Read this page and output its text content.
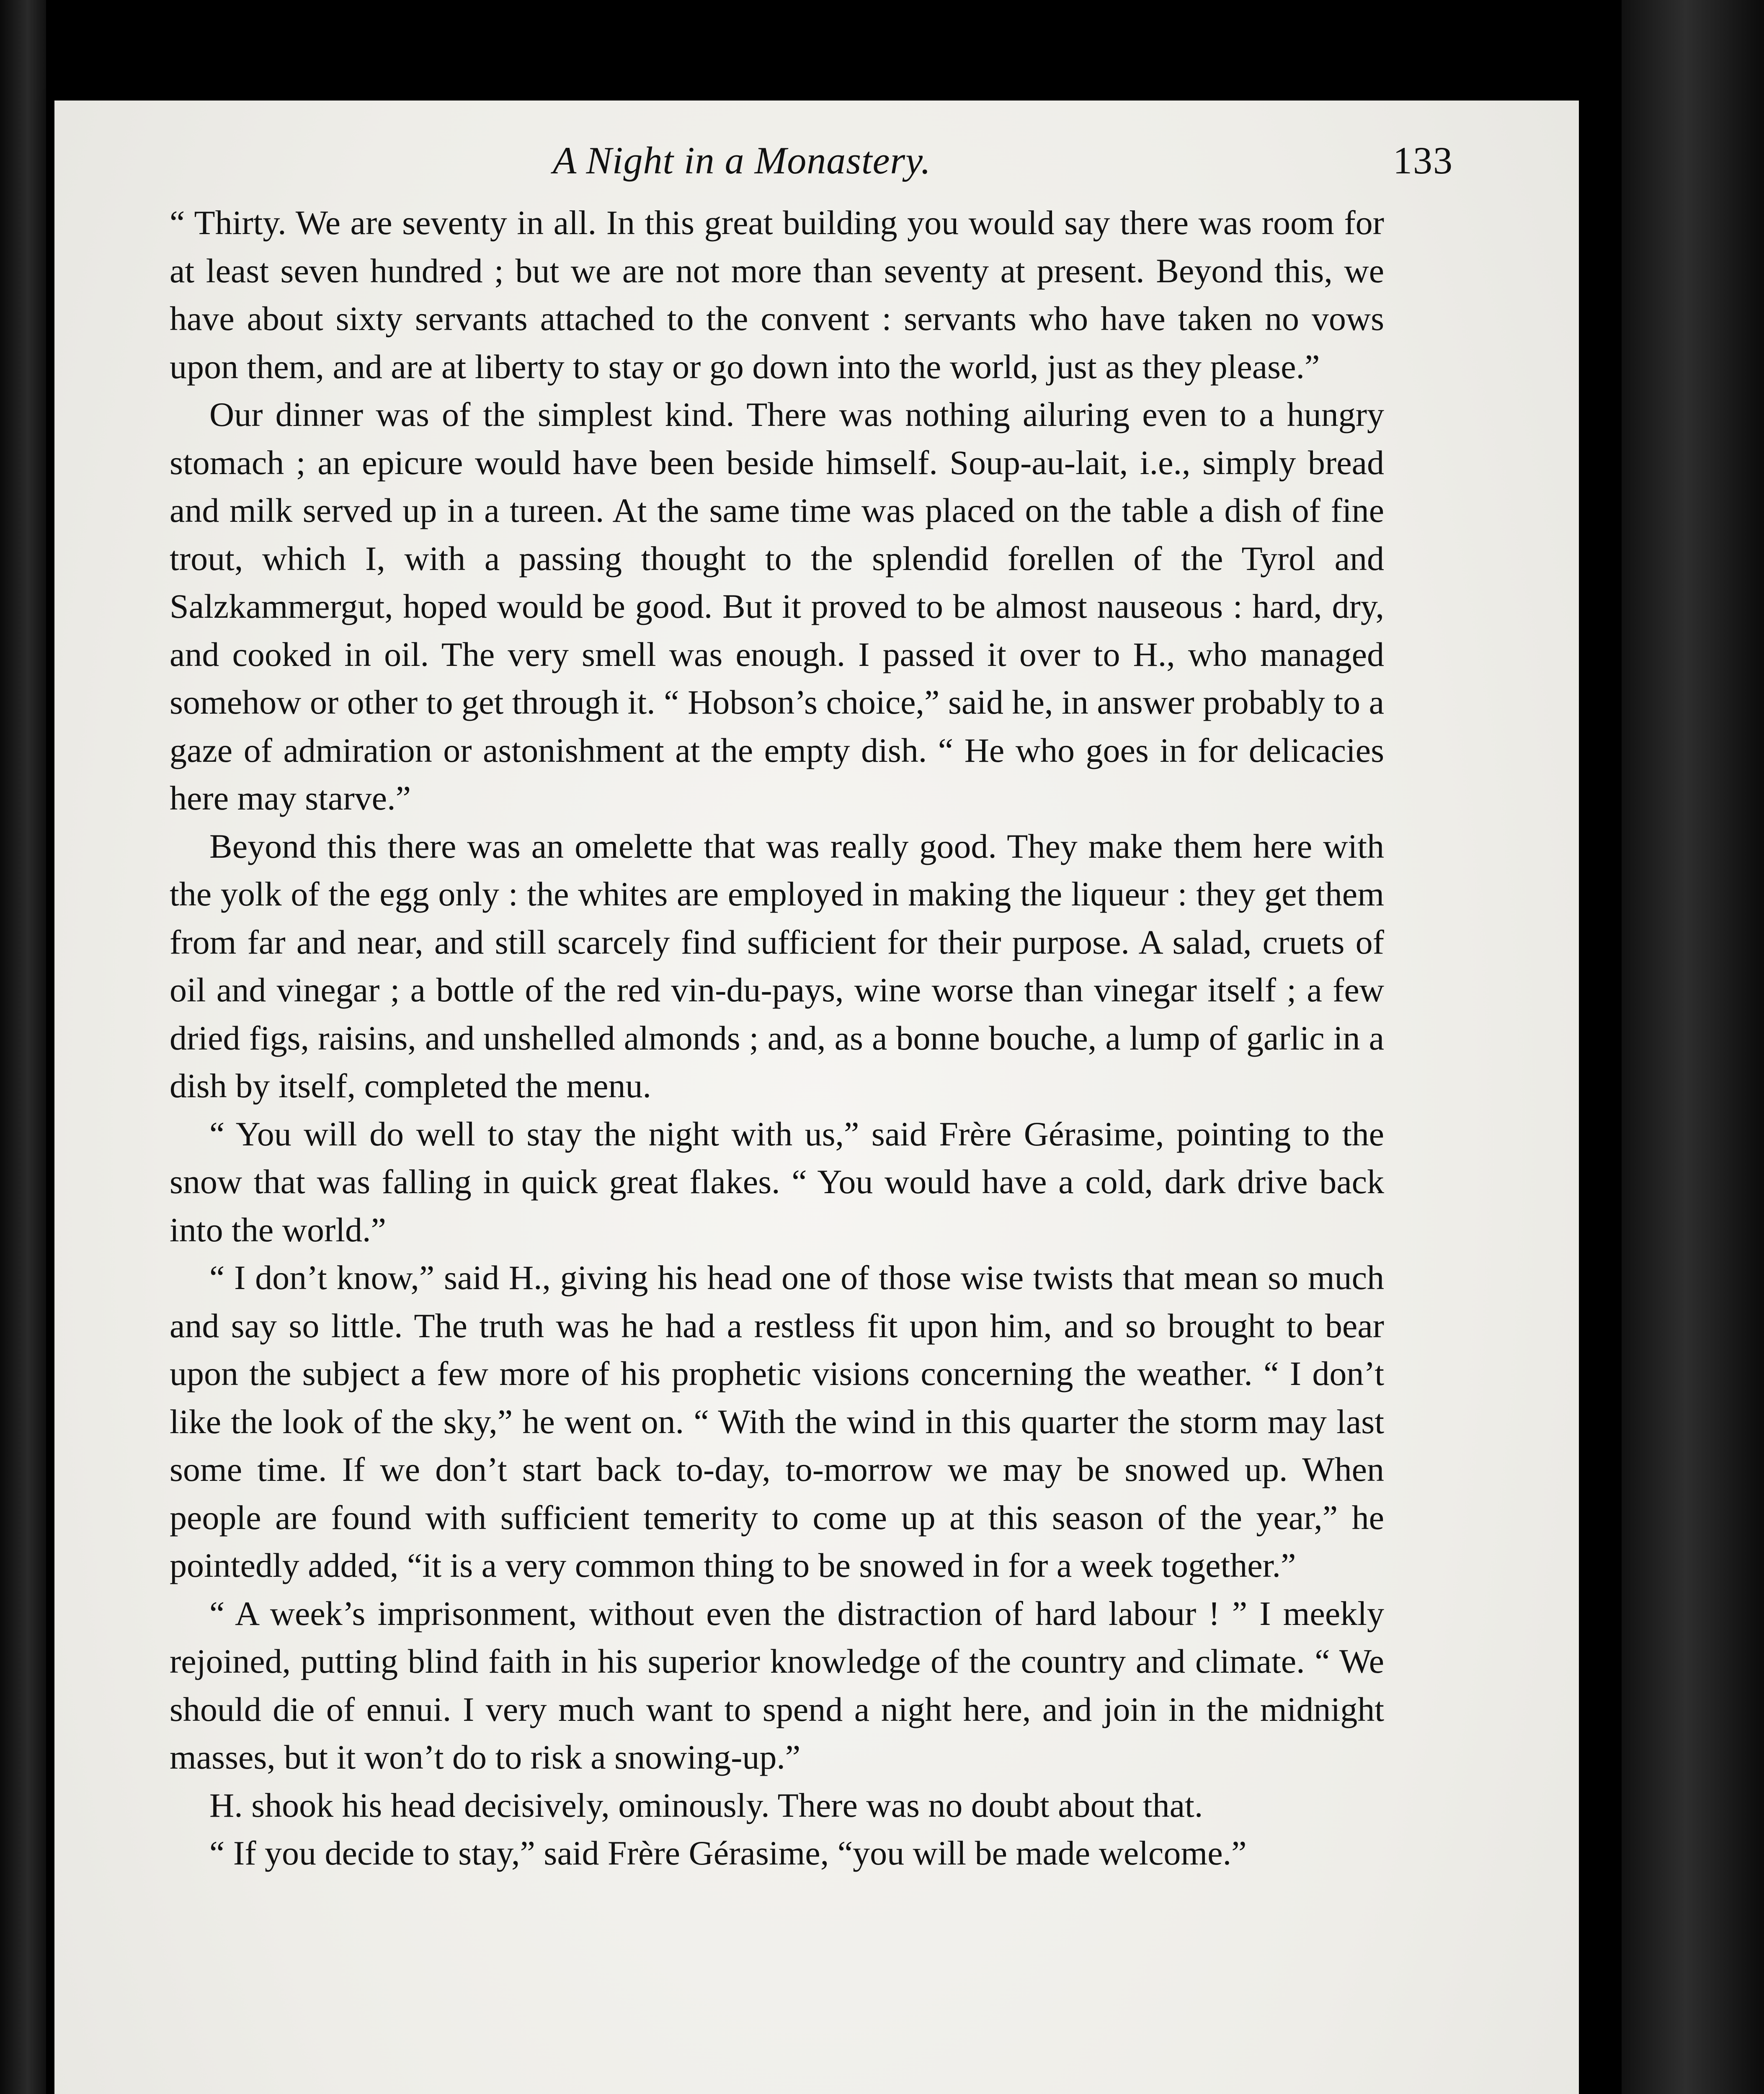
A Night in a Monastery.	133

“ Thirty. We are seventy in all. In this great building you would say there was room for at least seven hundred ; but we are not more than seventy at present. Beyond this, we have about sixty servants attached to the convent : servants who have taken no vows upon them, and are at liberty to stay or go down into the world, just as they please.”

Our dinner was of the simplest kind. There was nothing ailuring even to a hungry stomach ; an epicure would have been beside himself. Soup-au-lait, i.e., simply bread and milk served up in a tureen. At the same time was placed on the table a dish of fine trout, which I, with a passing thought to the splendid forellen of the Tyrol and Salzkammergut, hoped would be good. But it proved to be almost nauseous : hard, dry, and cooked in oil. The very smell was enough. I passed it over to H., who managed somehow or other to get through it. “ Hobson’s choice,” said he, in answer probably to a gaze of admiration or astonishment at the empty dish. “ He who goes in for delicacies here may starve.”

Beyond this there was an omelette that was really good. They make them here with the yolk of the egg only : the whites are employed in making the liqueur : they get them from far and near, and still scarcely find sufficient for their purpose. A salad, cruets of oil and vinegar ; a bottle of the red vin-du-pays, wine worse than vinegar itself ; a few dried figs, raisins, and unshelled almonds ; and, as a bonne bouche, a lump of garlic in a dish by itself, completed the menu.

“ You will do well to stay the night with us,” said Frère Gérasime, pointing to the snow that was falling in quick great flakes. “ You would have a cold, dark drive back into the world.”

“ I don’t know,” said H., giving his head one of those wise twists that mean so much and say so little. The truth was he had a restless fit upon him, and so brought to bear upon the subject a few more of his prophetic visions concerning the weather. “ I don’t like the look of the sky,” he went on. “ With the wind in this quarter the storm may last some time. If we don’t start back to-day, to-morrow we may be snowed up. When people are found with sufficient temerity to come up at this season of the year,” he pointedly added, “it is a very common thing to be snowed in for a week together.”

“ A week’s imprisonment, without even the distraction of hard labour ! ” I meekly rejoined, putting blind faith in his superior knowledge of the country and climate. “ We should die of ennui. I very much want to spend a night here, and join in the midnight masses, but it won’t do to risk a snowing-up.”

H. shook his head decisively, ominously. There was no doubt about that.

“ If you decide to stay,” said Frère Gérasime, “you will be made welcome.”
